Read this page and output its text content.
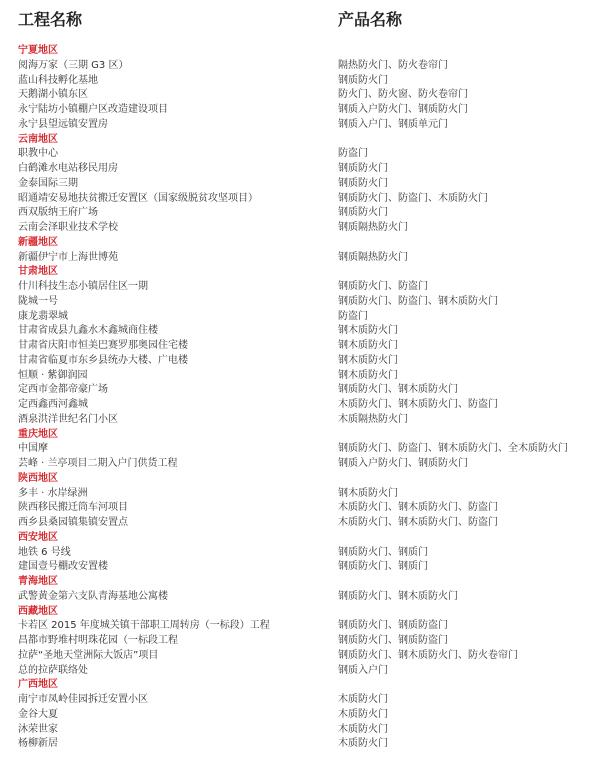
工程名称	产品名称
宁夏地区
阅海万家（三期 G3 区）	隔热防火门、防火卷帘门
蓝山科技孵化基地	钢质防火门
天鹅湖小镇东区	防火门、防火窗、防火卷帘门
永宁陆坊小镇棚户区改造建设项目	钢质入户防火门、钢质防火门
永宁县望远镇安置房	钢质入户门、钢质单元门
云南地区
职教中心	防盗门
白鹤滩水电站移民用房	钢质防火门
金泰国际三期	钢质防火门
昭通靖安易地扶贫搬迁安置区（国家级脱贫攻坚项目）	钢质防火门、防盗门、木质防火门
西双版纳王府广场	钢质防火门
云南会泽职业技术学校	钢质隔热防火门
新疆地区
新疆伊宁市上海世博苑	钢质隔热防火门
甘肃地区
什川科技生态小镇居住区一期	钢质防火门、防盗门
陇城一号	钢质防火门、防盗门、钢木质防火门
康龙翡翠城	防盗门
甘肃省成县九鑫水木鑫城商住楼	钢木质防火门
甘肃省庆阳市恒美巴赛罗那奥园住宅楼	钢木质防火门
甘肃省临夏市东乡县统办大楼、广电楼	钢木质防火门
恒顺 · 紫御润园	钢木质防火门
定西市金都帝豪广场	钢质防火门、钢木质防火门
定西鑫西河鑫城	木质防火门、钢木质防火门、防盗门
酒泉洪洋世纪名门小区	木质隔热防火门
重庆地区
中国摩	钢质防火门、防盗门、钢木质防火门、全木质防火门
芸峰 · 兰亭项目二期入户门供货工程	钢质入户防火门、钢质防火门
陕西地区
多丰 · 水岸绿洲	钢木质防火门
陕西移民搬迁筒车河项目	木质防火门、钢木质防火门、防盗门
西乡县桑园镇集镇安置点	木质防火门、钢木质防火门、防盗门
西安地区
地铁 6 号线	钢质防火门、钢质门
建国壹号棚改安置楼	钢质防火门、钢质门
青海地区
武警黄金第六支队青海基地公寓楼	钢质防火门、钢木质防火门
西藏地区
卡若区 2015 年度城关镇干部职工周转房（一标段）工程	钢质防火门、钢质防盗门
昌都市野堆村明珠花园（一标段工程	钢质防火门、钢质防盗门
拉萨“圣地天堂洲际大饭店”项目	钢质防火门、钢木质防火门、防火卷帘门
总的拉萨联络处	钢质入户门
广西地区
南宁市凤岭佳园拆迁安置小区	木质防火门
金谷大夏	木质防火门
沐荣世家	木质防火门
杨柳新居	木质防火门
